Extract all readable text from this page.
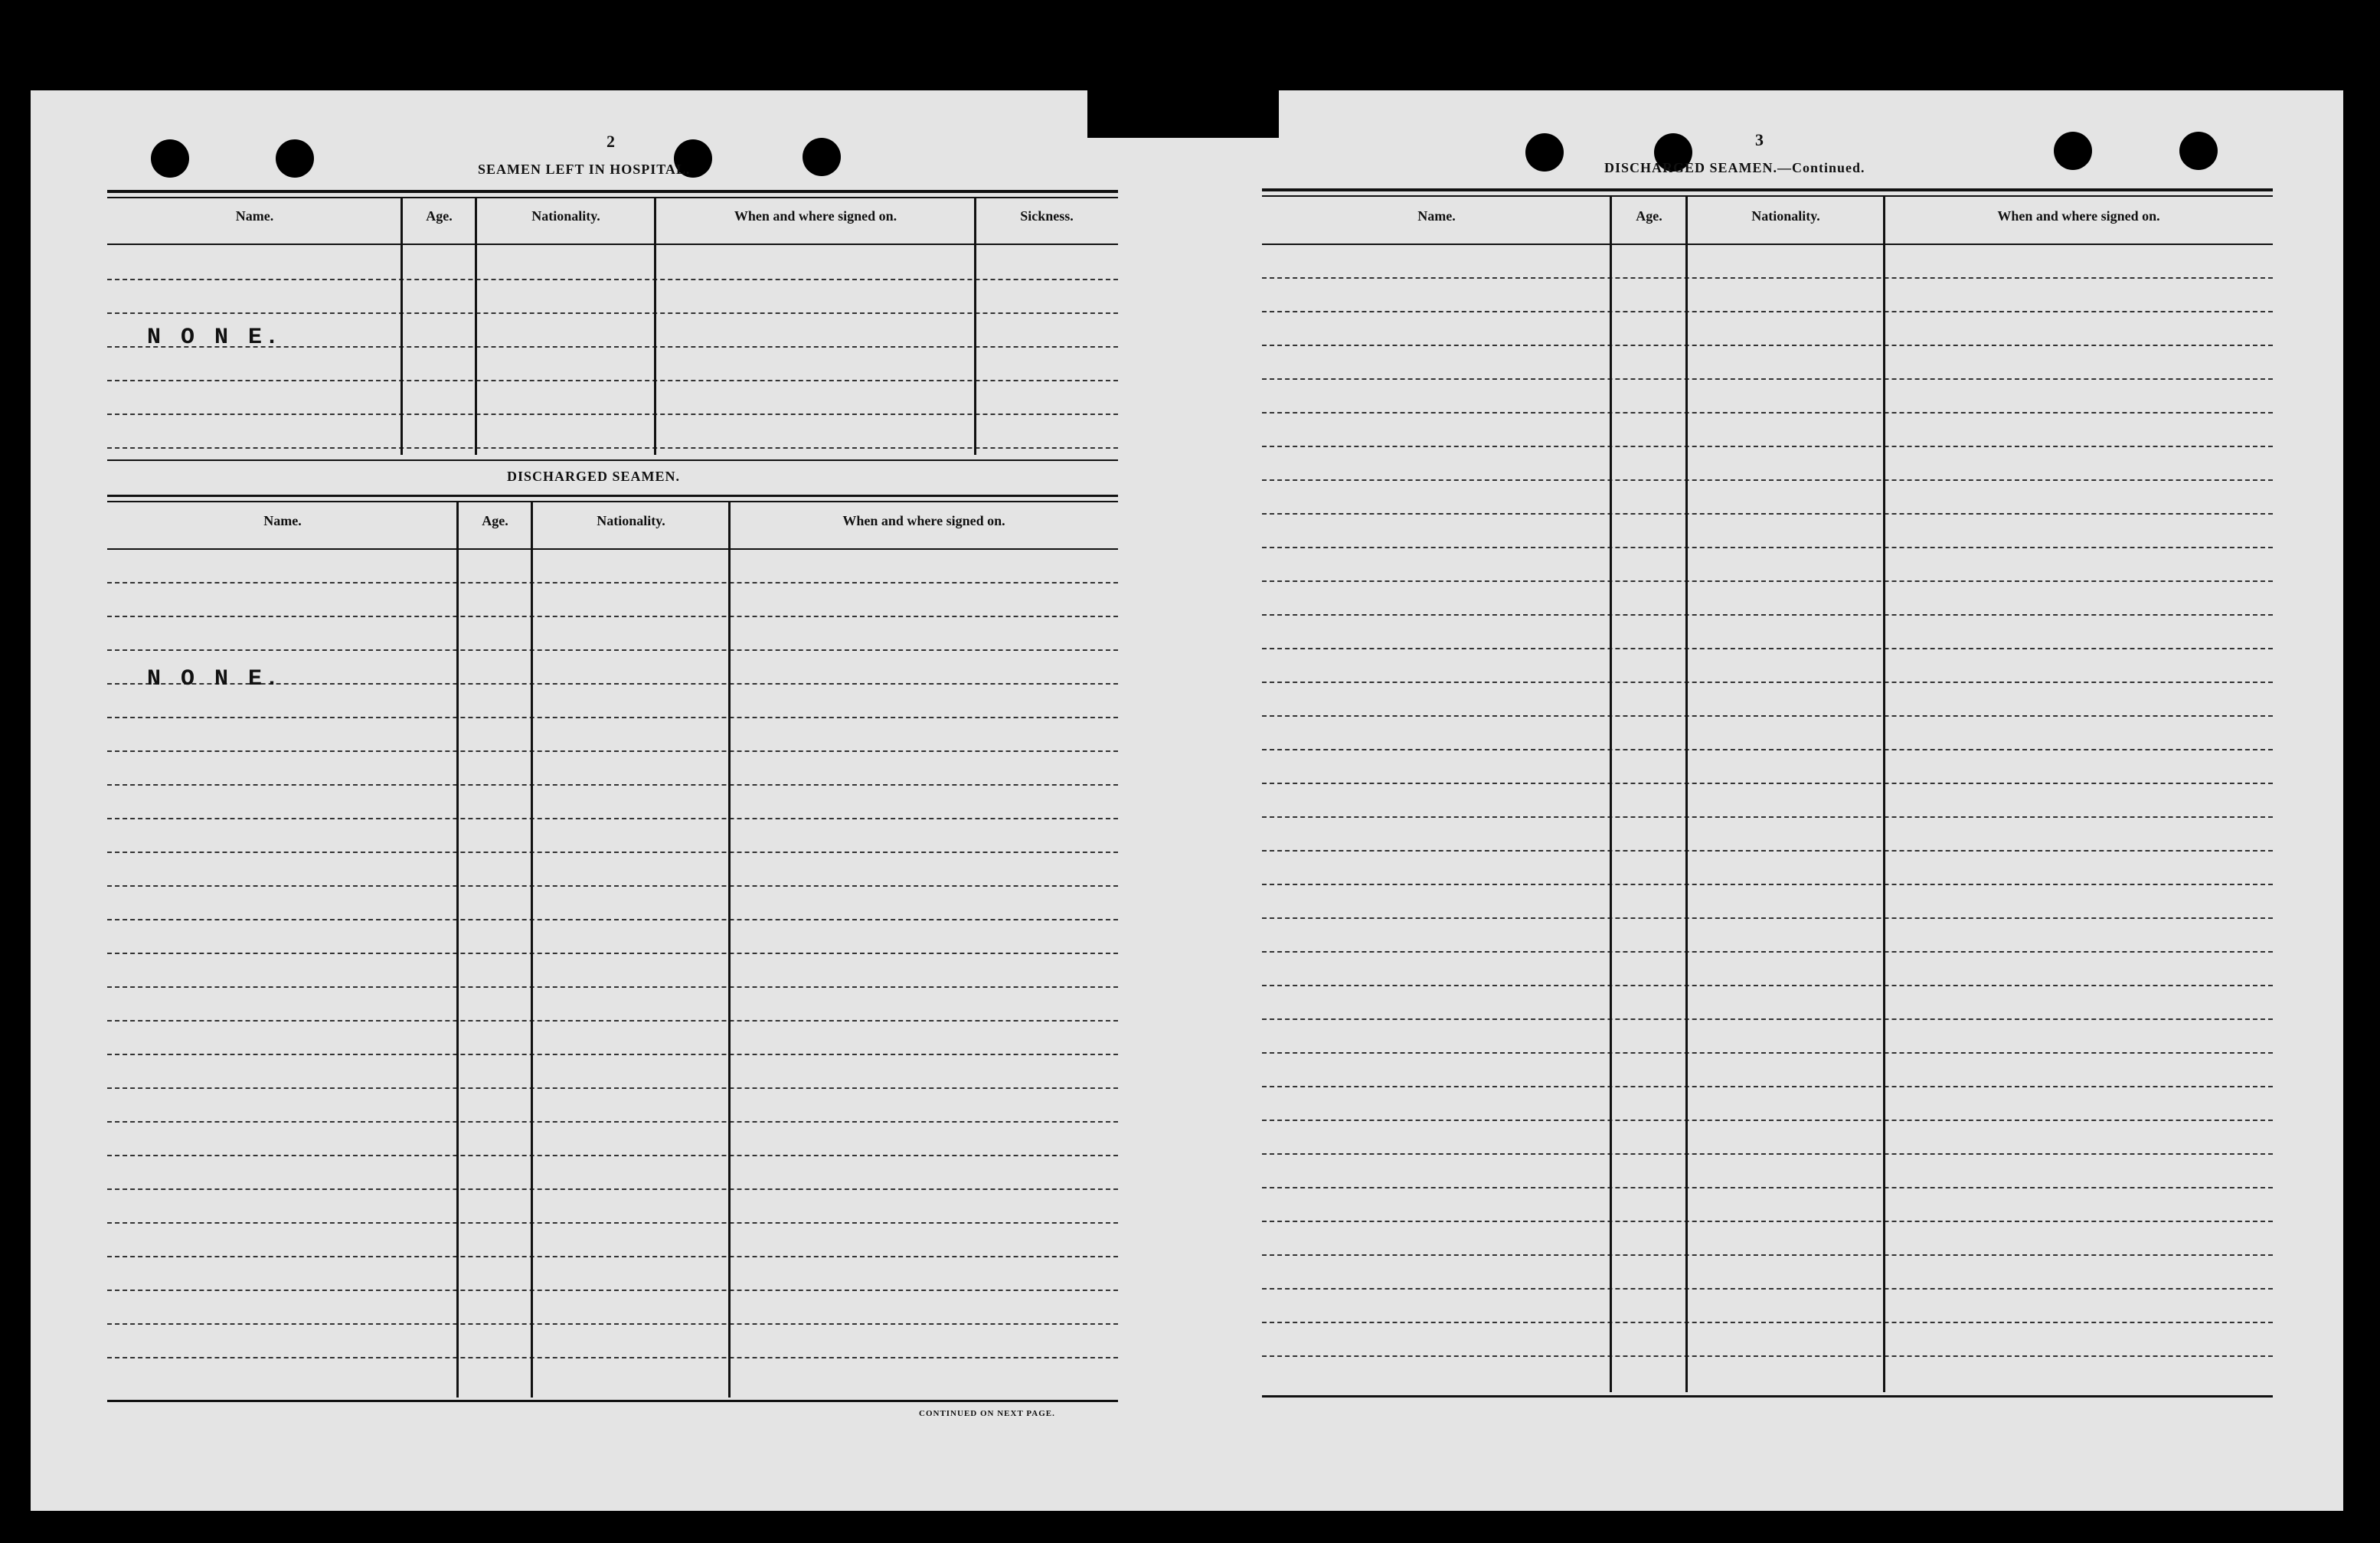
2
SEAMEN LEFT IN HOSPITAL.
Name.	Age.	Nationality.	When and where signed on.	Sickness.
N O N E.
DISCHARGED SEAMEN.
Name.	Age.	Nationality.	When and where signed on.
N O N E.
CONTINUED ON NEXT PAGE.
3
DISCHARGED SEAMEN.—Continued.
Name.	Age.	Nationality.	When and where signed on.
